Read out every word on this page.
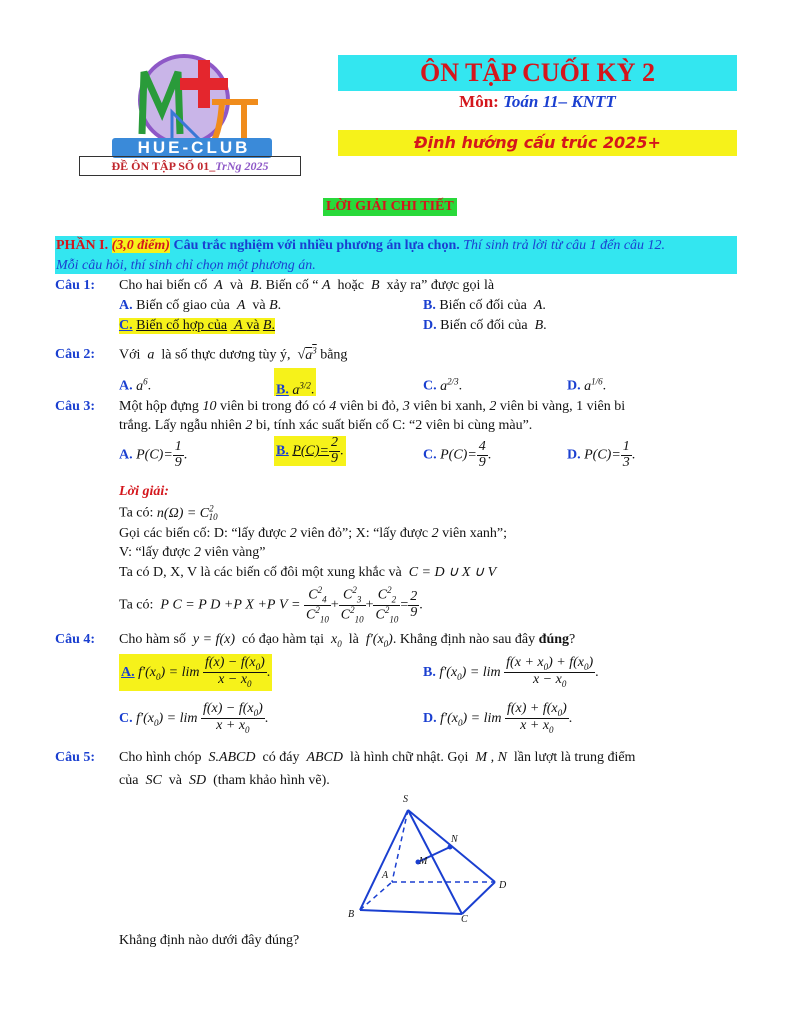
HUE-CLUB
ĐỀ ÔN TẬP SỐ 01_TrNg 2025
ÔN TẬP CUỐI KỲ 2
Môn: Toán 11– KNTT
Định hướng cấu trúc 2025+
LỜI GIẢI CHI TIẾT
PHẦN I. (3,0 điểm) Câu trắc nghiệm với nhiều phương án lựa chọn. Thí sinh trả lời từ câu 1 đến câu 12.
Mỗi câu hỏi, thí sinh chỉ chọn một phương án.
Câu 1: Cho hai biến cố  A  và  B. Biến cố “ A  hoặc  B  xảy ra” được gọi là
A. Biến cố giao của  A  và B.	B. Biến cố đối của  A.
C. Biến cố hợp của  A và B.	D. Biến cố đối của  B.
Câu 2: Với  a  là số thực dương tùy ý,  $√a^3$ bằng
A. $a^6$.	B. $a^{3/2}$.	C. $a^{2/3}$.	D. $a^{1/6}$.
Câu 3: Một hộp đựng 10 viên bi trong đó có 4 viên bi đỏ, 3 viên bi xanh, 2 viên bi vàng, 1 viên bi
trắng. Lấy ngẫu nhiên 2 bi, tính xác suất biến cố C: “2 viên bi cùng màu”.
A. $P(C)= \frac{1}{9}$ .	B. $P(C)= \frac{2}{9}$ .	C. $P(C)= \frac{4}{9}$ .	D. $P(C)= \frac{1}{3}$ .
Lời giải:
Ta có: $n(\Omega) = C^2_{10}$
Gọi các biến cố: D: “lấy được 2 viên đỏ”; X: “lấy được 2 viên xanh”;
V: “lấy được 2 viên vàng”
Ta có D, X, V là các biến cố đôi một xung khắc và  C = D ∪ X ∪ V
Ta có:  P C = P D +P X +P $V = \frac{C^2_4}{C^2_{10}} + \frac{C^2_3}{C^2_{10}} + \frac{C^2_2}{C^2_{10}} = \frac{2}{9}$ .
Câu 4: Cho hàm số  y = f(x)  có đạo hàm tại  $x_0$ là  $f'(x_0)$. Khẳng định nào sau đây đúng?
A. $f'(x_0) = \lim \frac{f(x) - f(x_0)}{x - x_0}$ .	B. $f'(x_0) = \lim \frac{f(x + x_0) + f(x_0)}{x - x_0}$ .
C. $f'(x_0) = \lim \frac{f(x) - f(x_0)}{x + x_0}$ .	D. $f'(x_0) = \lim \frac{f(x) + f(x_0)}{x + x_0}$ .
Câu 5: Cho hình chóp  S.ABCD  có đáy  ABCD  là hình chữ nhật. Gọi  M , N  lần lượt là trung điểm
của  SC  và  SD  (tham khảo hình vẽ).
S
N
M
A
D
B	C
Khẳng định nào dưới đây đúng?
